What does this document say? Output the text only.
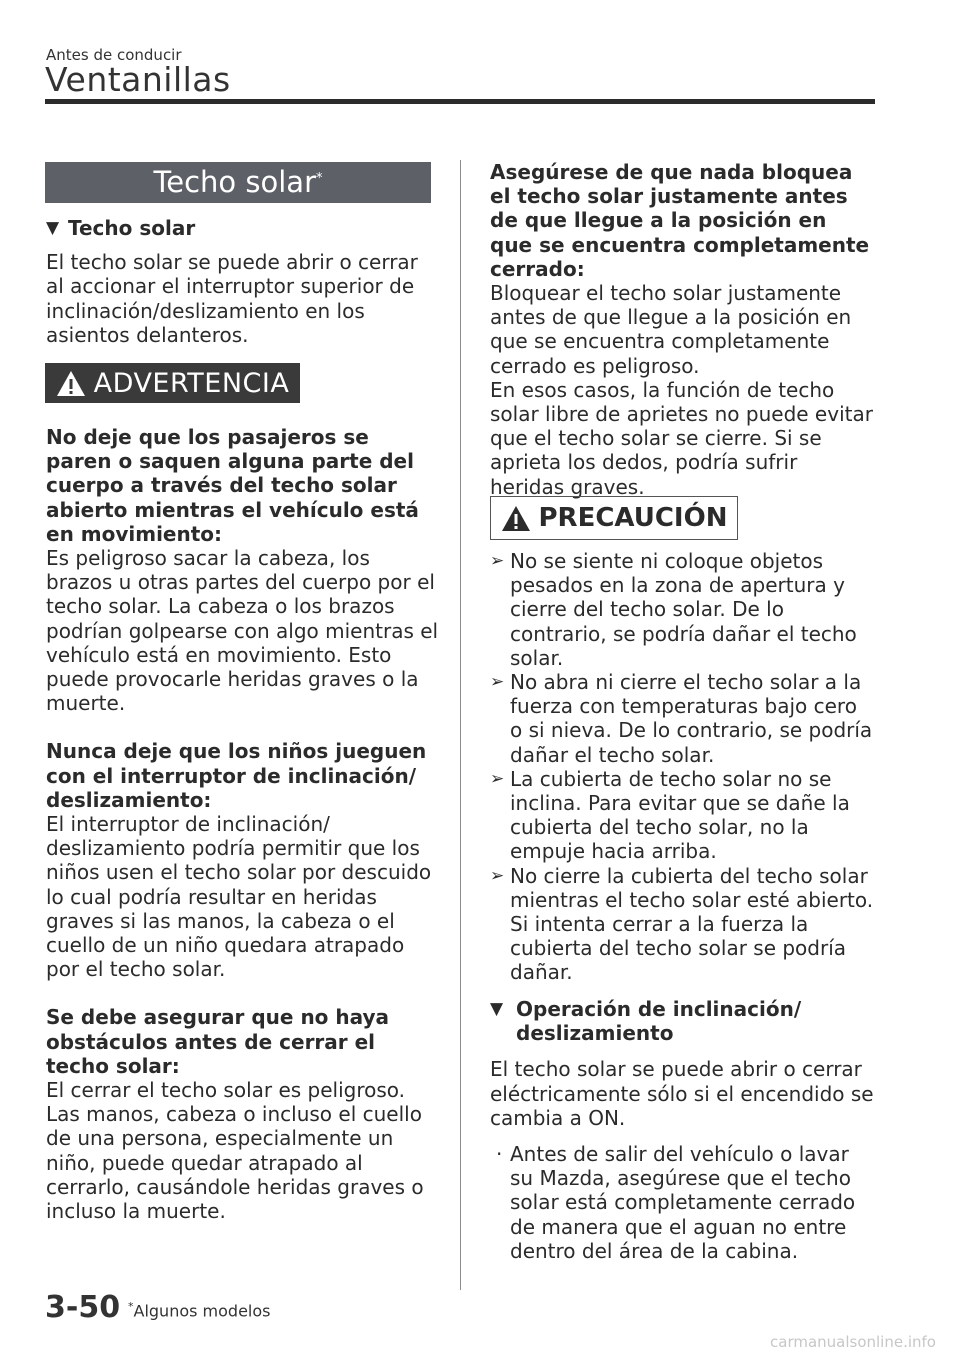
Antes de conducir
Ventanillas
Techo solar*
▼ Techo solar

El techo solar se puede abrir o cerrar al accionar el interruptor superior de inclinación/deslizamiento en los asientos delanteros.

ADVERTENCIA

No deje que los pasajeros se paren o saquen alguna parte del cuerpo a través del techo solar abierto mientras el vehículo está en movimiento:

Es peligroso sacar la cabeza, los brazos u otras partes del cuerpo por el techo solar. La cabeza o los brazos podrían golpearse con algo mientras el vehículo está en movimiento. Esto puede provocarle heridas graves o la muerte.

Nunca deje que los niños jueguen con el interruptor de inclinación/ deslizamiento:

El interruptor de inclinación/ deslizamiento podría permitir que los niños usen el techo solar por descuido lo cual podría resultar en heridas graves si las manos, la cabeza o el cuello de un niño quedara atrapado por el techo solar.

Se debe asegurar que no haya obstáculos antes de cerrar el techo solar:

El cerrar el techo solar es peligroso. Las manos, cabeza o incluso el cuello de una persona, especialmente un niño, puede quedar atrapado al cerrarlo, causándole heridas graves o incluso la muerte.

Asegúrese de que nada bloquea el techo solar justamente antes de que llegue a la posición en que se encuentra completamente cerrado:

Bloquear el techo solar justamente antes de que llegue a la posición en que se encuentra completamente cerrado es peligroso.

En esos casos, la función de techo solar libre de aprietes no puede evitar que el techo solar se cierre. Si se aprieta los dedos, podría sufrir heridas graves.

PRECAUCIÓN
➢ No se siente ni coloque objetos pesados en la zona de apertura y cierre del techo solar. De lo contrario, se podría dañar el techo solar.
➢ No abra ni cierre el techo solar a la fuerza con temperaturas bajo cero o si nieva. De lo contrario, se podría dañar el techo solar.
➢ La cubierta de techo solar no se inclina. Para evitar que se dañe la cubierta del techo solar, no la empuje hacia arriba.
➢ No cierre la cubierta del techo solar mientras el techo solar esté abierto. Si intenta cerrar a la fuerza la cubierta del techo solar se podría dañar.
▼ Operación de inclinación/ deslizamiento

El techo solar se puede abrir o cerrar eléctricamente sólo si el encendido se cambia a ON.

· Antes de salir del vehículo o lavar su Mazda, asegúrese que el techo solar está completamente cerrado de manera que el aguan no entre dentro del área de la cabina.
3-50 *Algunos modelos
carmanualsonline.info
